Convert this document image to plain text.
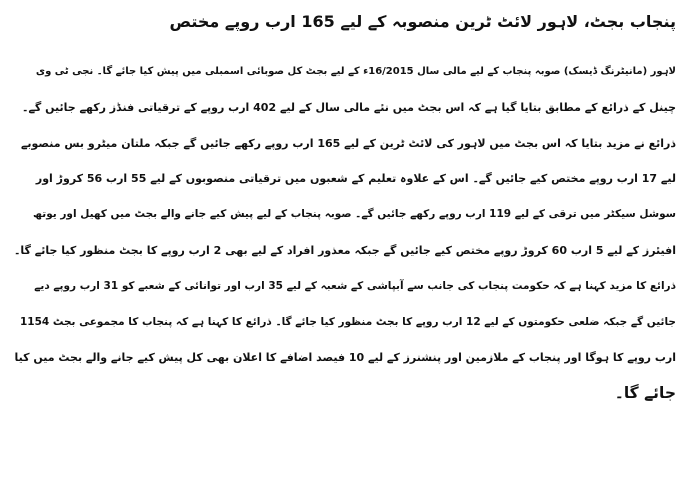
پنجاب بجٹ، لاہور لائٹ ٹرین منصوبہ کے لیے 165 ارب روپے مختص
لاہور (مانیٹرنگ ڈیسک) صوبہ پنجاب کے لیے مالی سال 16/2015ء کے لیے بجٹ کل صوبائی اسمبلی میں پیش کیا جائے گا۔ نجی ٹی وی
چینل کے ذرائع کے مطابق بتایا گیا ہے کہ اس بجٹ میں نئے مالی سال کے لیے 402 ارب روپے کے ترقیاتی فنڈز رکھے جائیں گے۔
ذرائع نے مزید بتایا کہ اس بجٹ میں لاہور کی لائٹ ٹرین کے لیے 165 ارب روپے رکھے جائیں گے جبکہ ملتان میٹرو بس منصوبے
لیے 17 ارب روپے مختص کیے جائیں گے۔ اس کے علاوہ تعلیم کے شعبوں میں ترقیاتی منصوبوں کے لیے 55 ارب 56 کروڑ اور
سوشل سیکٹر میں ترقی کے لیے 119 ارب روپے رکھے جائیں گے۔ صوبہ پنجاب کے لیے پیش کیے جانے والے بجٹ میں کھیل اور یوتھ
افیئرز کے لیے 5 ارب 60 کروڑ روپے مختص کیے جائیں گے جبکہ معذور افراد کے لیے بھی 2 ارب روپے کا بجٹ منظور کیا جائے گا۔
ذرائع کا مزید کہنا ہے کہ حکومت پنجاب کی جانب سے آبپاشی کے شعبہ کے لیے 35 ارب اور توانائی کے شعبے کو 31 ارب روپے دیے
جائیں گے جبکہ ضلعی حکومتوں کے لیے 12 ارب روپے کا بجٹ منظور کیا جائے گا۔ ذرائع کا کہنا ہے کہ پنجاب کا مجموعی بجٹ 1154
ارب روپے کا ہوگا اور پنجاب کے ملازمین اور پنشنرز کے لیے 10 فیصد اضافے کا اعلان بھی کل پیش کیے جانے والے بجٹ میں کیا
جائے گا۔
